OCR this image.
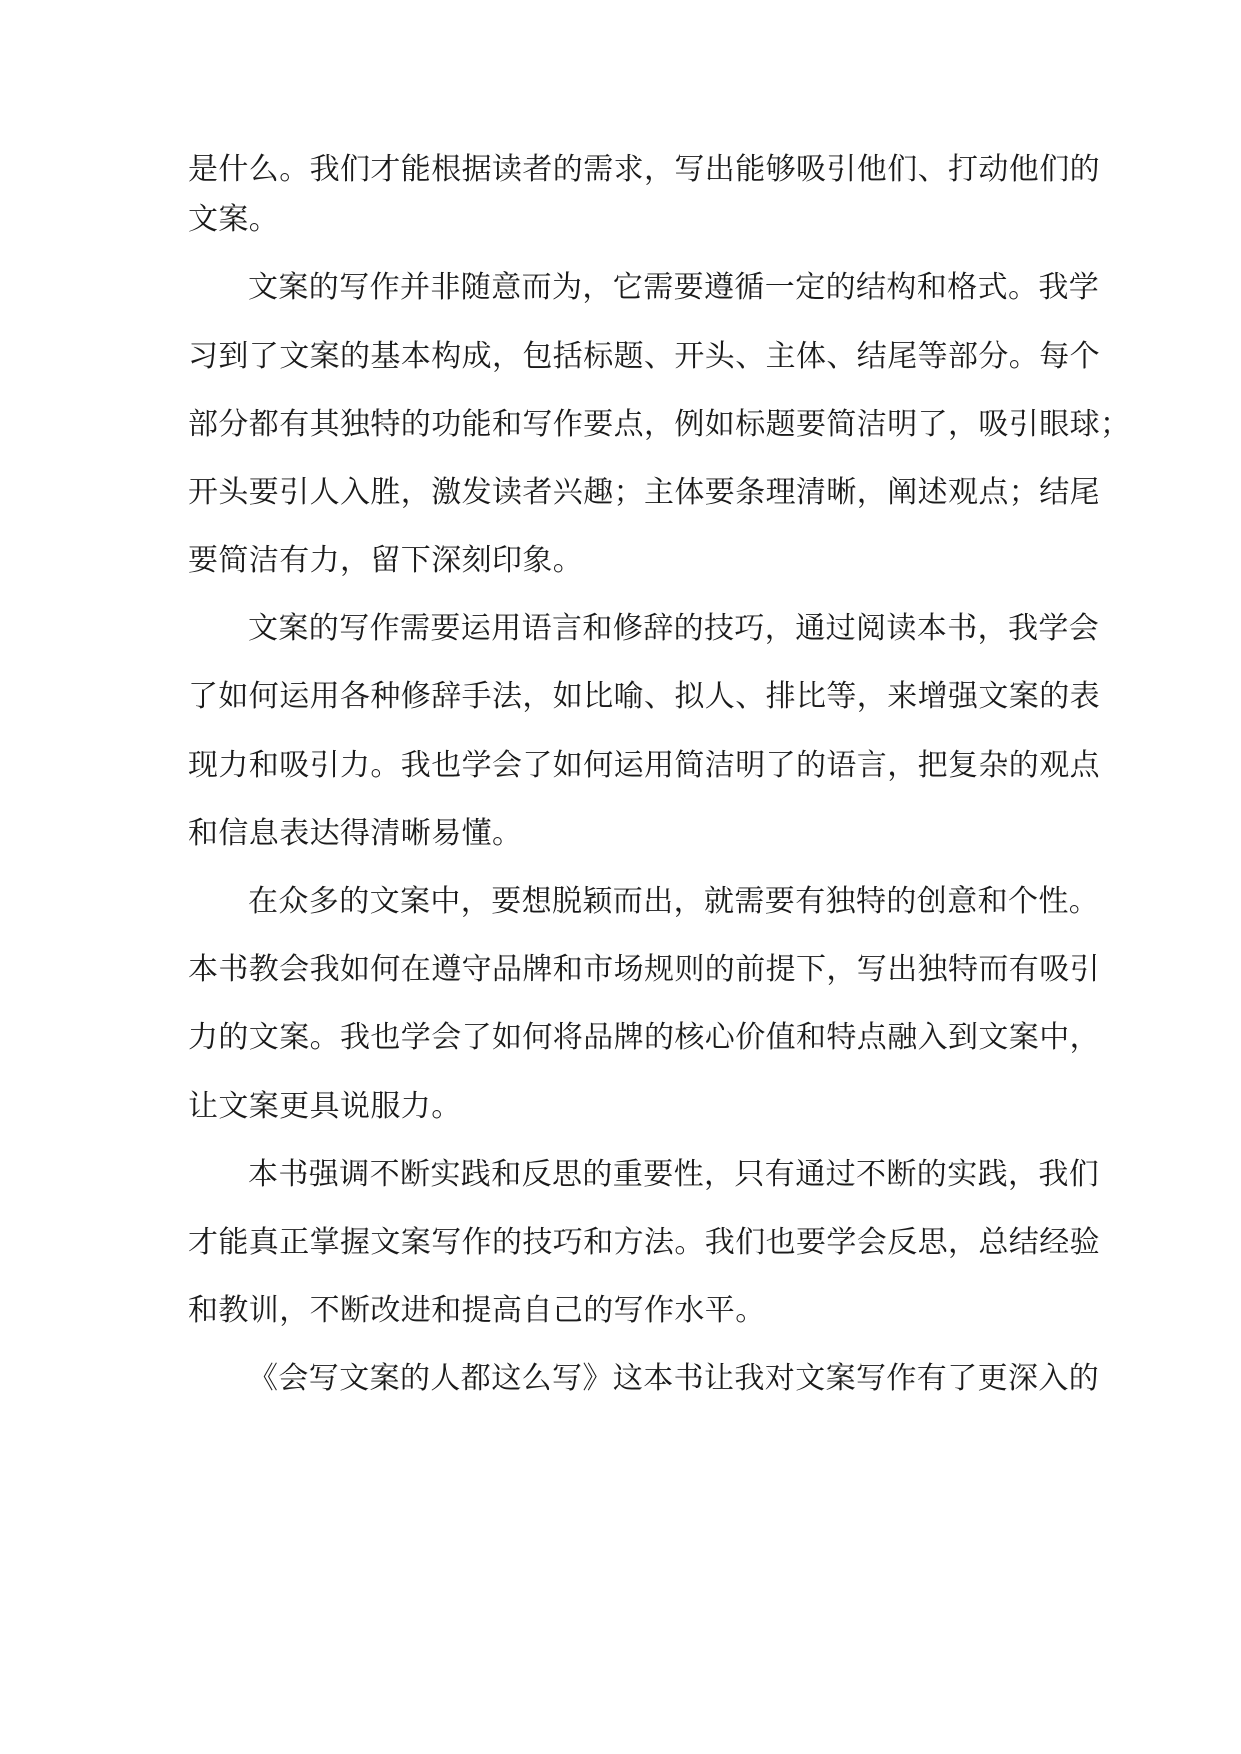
是什么。我们才能根据读者的需求，写出能够吸引他们、打动他们的
文案。
文案的写作并非随意而为，它需要遵循一定的结构和格式。我学
习到了文案的基本构成，包括标题、开头、主体、结尾等部分。每个
部分都有其独特的功能和写作要点，例如标题要简洁明了，吸引眼球；
开头要引人入胜，激发读者兴趣；主体要条理清晰，阐述观点；结尾
要简洁有力，留下深刻印象。
文案的写作需要运用语言和修辞的技巧，通过阅读本书，我学会
了如何运用各种修辞手法，如比喻、拟人、排比等，来增强文案的表
现力和吸引力。我也学会了如何运用简洁明了的语言，把复杂的观点
和信息表达得清晰易懂。
在众多的文案中，要想脱颖而出，就需要有独特的创意和个性。
本书教会我如何在遵守品牌和市场规则的前提下，写出独特而有吸引
力的文案。我也学会了如何将品牌的核心价值和特点融入到文案中，
让文案更具说服力。
本书强调不断实践和反思的重要性，只有通过不断的实践，我们
才能真正掌握文案写作的技巧和方法。我们也要学会反思，总结经验
和教训，不断改进和提高自己的写作水平。
《会写文案的人都这么写》这本书让我对文案写作有了更深入的
